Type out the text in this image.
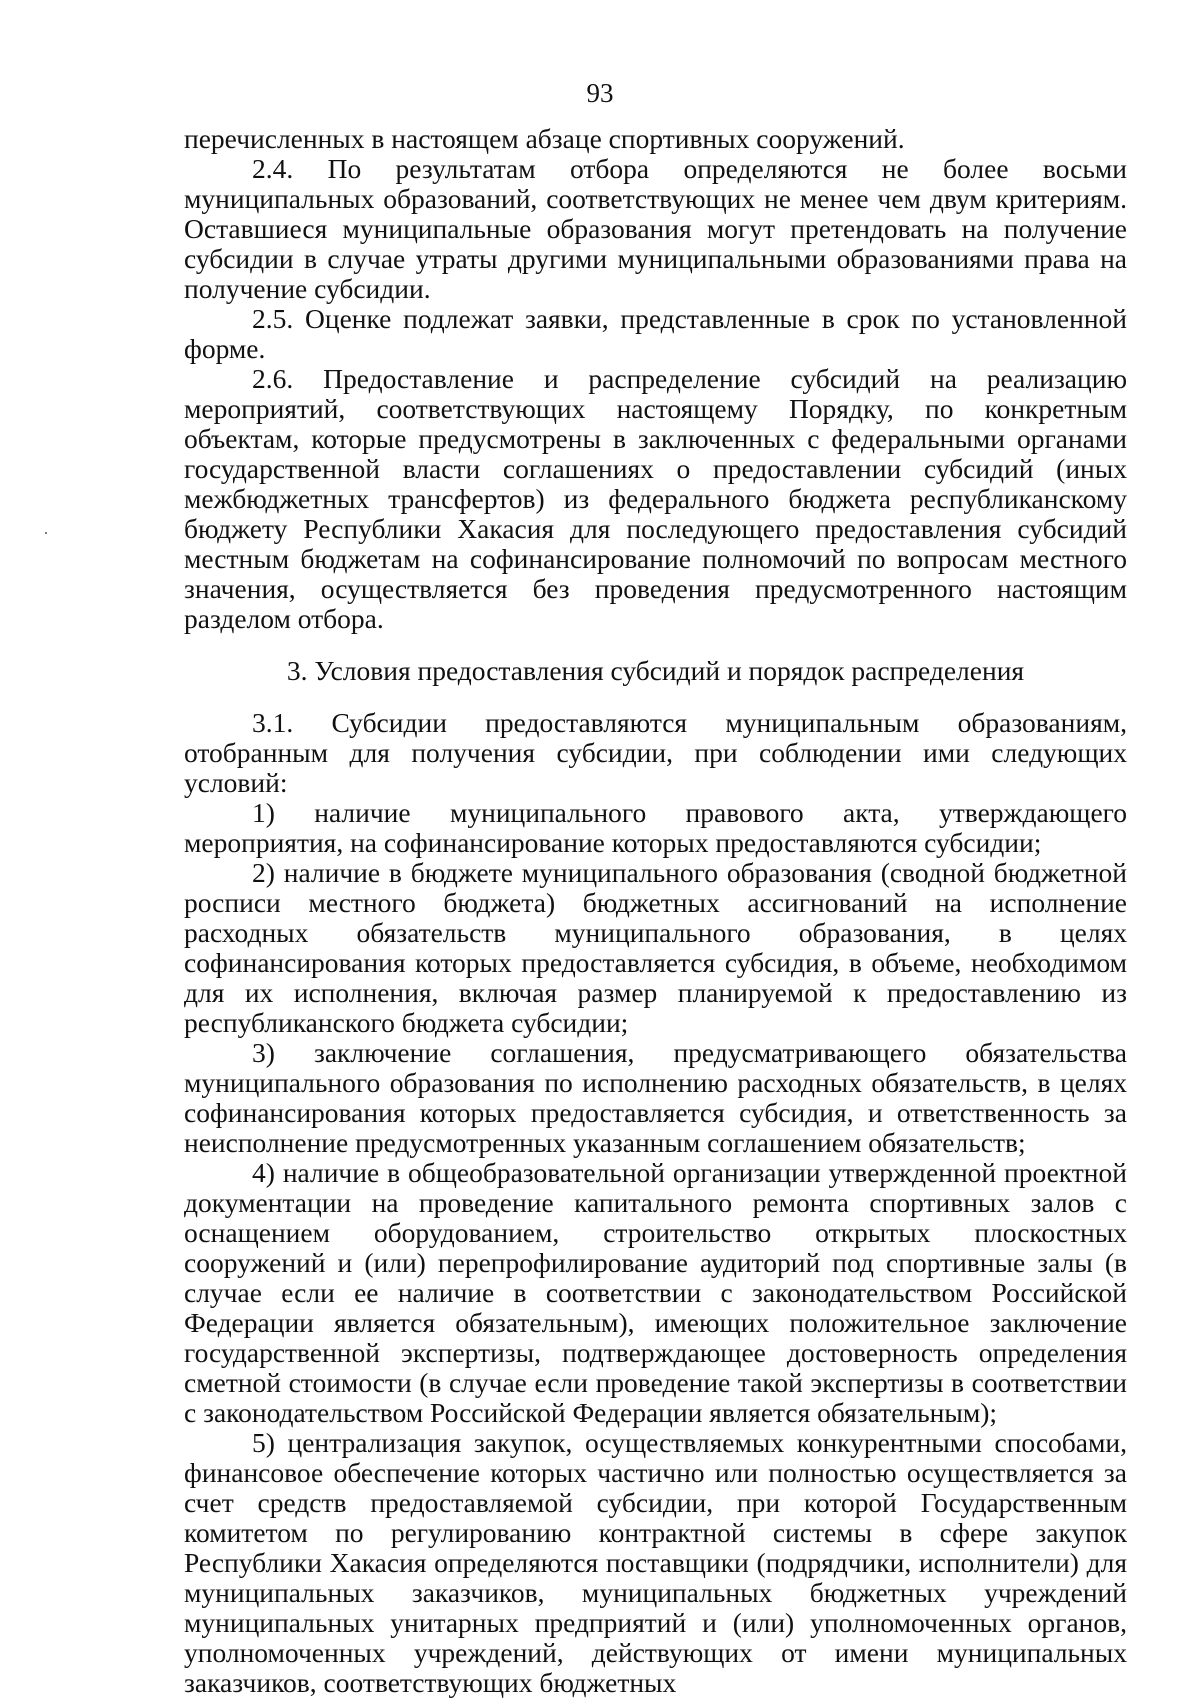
93

перечисленных в настоящем абзаце спортивных сооружений.

2.4. По результатам отбора определяются не более восьми муниципальных образований, соответствующих не менее чем двум критериям. Оставшиеся муниципальные образования могут претендовать на получение субсидии в случае утраты другими муниципальными образованиями права на получение субсидии.

2.5. Оценке подлежат заявки, представленные в срок по установленной форме.

2.6. Предоставление и распределение субсидий на реализацию мероприятий, соответствующих настоящему Порядку, по конкретным объектам, которые предусмотрены в заключенных с федеральными органами государственной власти соглашениях о предоставлении субсидий (иных межбюджетных трансфертов) из федерального бюджета республиканскому бюджету Республики Хакасия для последующего предоставления субсидий местным бюджетам на софинансирование полномочий по вопросам местного значения, осуществляется без проведения предусмотренного настоящим разделом отбора.

3. Условия предоставления субсидий и порядок распределения

3.1. Субсидии предоставляются муниципальным образованиям, отобранным для получения субсидии, при соблюдении ими следующих условий:

1) наличие муниципального правового акта, утверждающего мероприятия, на софинансирование которых предоставляются субсидии;

2) наличие в бюджете муниципального образования (сводной бюджетной росписи местного бюджета) бюджетных ассигнований на исполнение расходных обязательств муниципального образования, в целях софинансирования которых предоставляется субсидия, в объеме, необходимом для их исполнения, включая размер планируемой к предоставлению из республиканского бюджета субсидии;

3) заключение соглашения, предусматривающего обязательства муниципального образования по исполнению расходных обязательств, в целях софинансирования которых предоставляется субсидия, и ответственность за неисполнение предусмотренных указанным соглашением обязательств;

4) наличие в общеобразовательной организации утвержденной проектной документации на проведение капитального ремонта спортивных залов с оснащением оборудованием, строительство открытых плоскостных сооружений и (или) перепрофилирование аудиторий под спортивные залы (в случае если ее наличие в соответствии с законодательством Российской Федерации является обязательным), имеющих положительное заключение государственной экспертизы, подтверждающее достоверность определения сметной стоимости (в случае если проведение такой экспертизы в соответствии с законодательством Российской Федерации является обязательным);

5) централизация закупок, осуществляемых конкурентными способами, финансовое обеспечение которых частично или полностью осуществляется за счет средств предоставляемой субсидии, при которой Государственным комитетом по регулированию контрактной системы в сфере закупок Республики Хакасия определяются поставщики (подрядчики, исполнители) для муниципальных заказчиков, муниципальных бюджетных учреждений муниципальных унитарных предприятий и (или) уполномоченных органов, уполномоченных учреждений, действующих от имени муниципальных заказчиков, соответствующих бюджетных
